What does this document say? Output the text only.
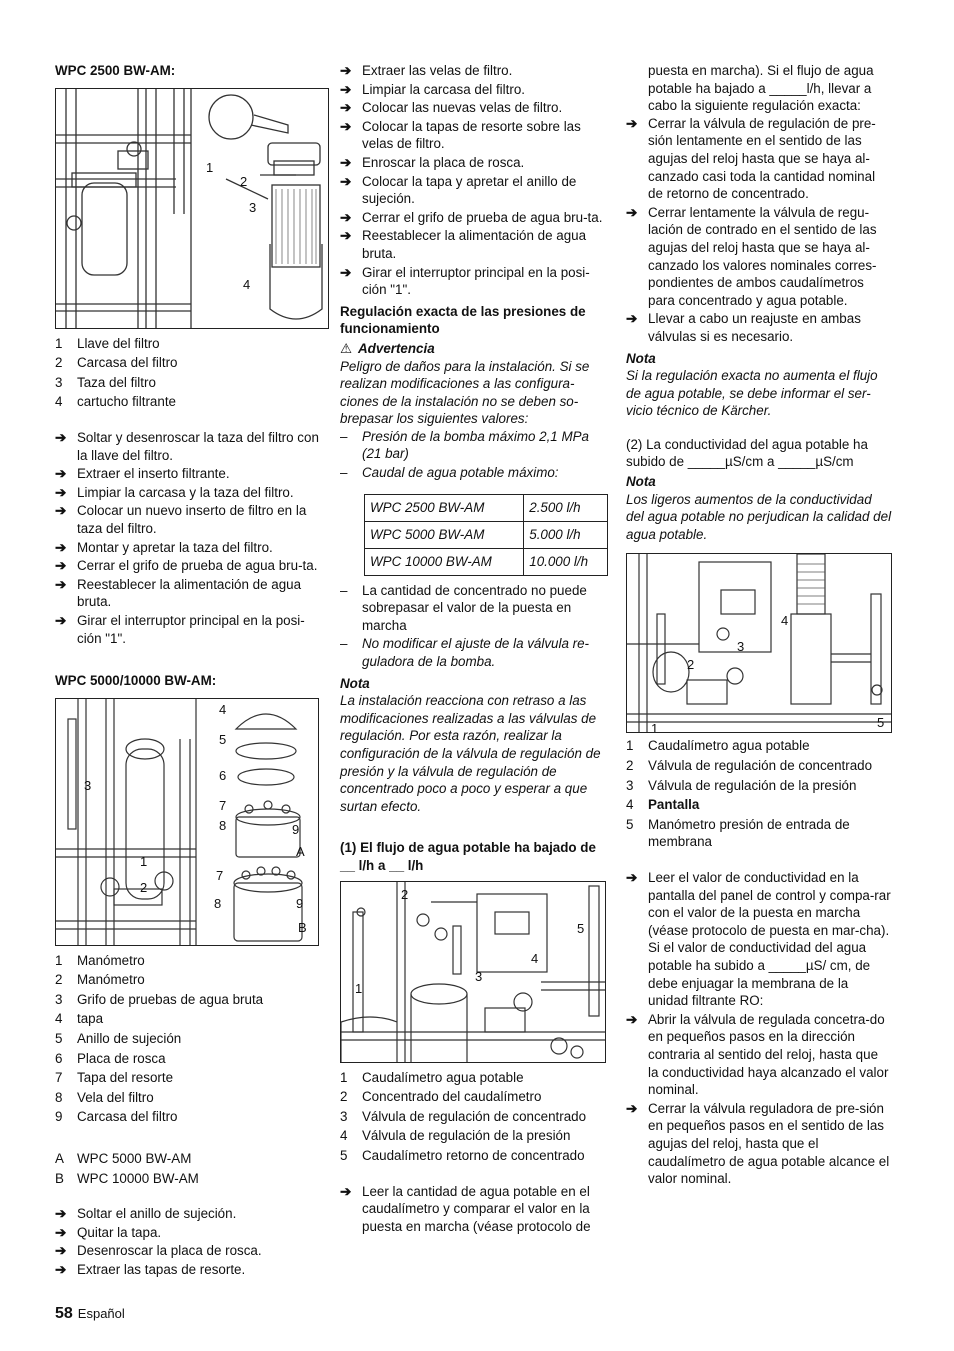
WPC 2500 BW-AM:
1
2
3
4
1 Llave del filtro
2 Carcasa del filtro
3 Taza del filtro
4 cartucho filtrante
➔ Soltar y desenroscar la taza del filtro con la llave del filtro.
➔ Extraer el inserto filtrante.
➔ Limpiar la carcasa y la taza del filtro.
➔ Colocar un nuevo inserto de filtro en la taza del filtro.
➔ Montar y apretar la taza del filtro.
➔ Cerrar el grifo de prueba de agua bru-ta.
➔ Reestablecer la alimentación de agua bruta.
➔ Girar el interruptor principal en la posi-ción "1".
WPC 5000/10000 BW-AM:
4
5
6
7
8	9
A
7
8	9
B
3
1
2
1 Manómetro
2 Manómetro
3 Grifo de pruebas de agua bruta
4 tapa
5 Anillo de sujeción
6 Placa de rosca
7 Tapa del resorte
8 Vela del filtro
9 Carcasa del filtro
A WPC 5000 BW-AM
B WPC 10000 BW-AM
➔ Soltar el anillo de sujeción.
➔ Quitar la tapa.
➔ Desenroscar la placa de rosca.
➔ Extraer las tapas de resorte.
➔ Extraer las velas de filtro.
➔ Limpiar la carcasa del filtro.
➔ Colocar las nuevas velas de filtro.
➔ Colocar la tapas de resorte sobre las velas de filtro.
➔ Enroscar la placa de rosca.
➔ Colocar la tapa y apretar el anillo de sujeción.
➔ Cerrar el grifo de prueba de agua bru-ta.
➔ Reestablecer la alimentación de agua bruta.
➔ Girar el interruptor principal en la posi-ción "1".
Regulación exacta de las presiones de funcionamiento
⚠ Advertencia
Peligro de daños para la instalación. Si se realizan modificaciones a las configura-ciones de la instalación no se deben so-brepasar los siguientes valores:
– Presión de la bomba máximo 2,1 MPa (21 bar)
– Caudal de agua potable máximo:
WPC 2500 BW-AM	2.500 l/h
WPC 5000 BW-AM	5.000 l/h
WPC 10000 BW-AM	10.000 l/h
– La cantidad de concentrado no puede sobrepasar el valor de la puesta en marcha
– No modificar el ajuste de la válvula re-guladora de la bomba.
Nota
La instalación reacciona con retraso a las modificaciones realizadas a las válvulas de regulación. Por esta razón, realizar la configuración de la válvula de regulación de presión y la válvula de regulación de concentrado poco a poco y esperar a que surtan efecto.
(1) El flujo de agua potable ha bajado de __ l/h a __ l/h
1
2
3
4
5
1 Caudalímetro agua potable
2 Concentrado del caudalímetro
3 Válvula de regulación de concentrado
4 Válvula de regulación de la presión
5 Caudalímetro retorno de concentrado
➔ Leer la cantidad de agua potable en el caudalímetro y comparar el valor en la puesta en marcha (véase protocolo de
puesta en marcha). Si el flujo de agua potable ha bajado a _____l/h, llevar a cabo la siguiente regulación exacta:
➔ Cerrar la válvula de regulación de pre-sión lentamente en el sentido de las agujas del reloj hasta que se haya al-canzado casi toda la cantidad nominal de retorno de concentrado.
➔ Cerrar lentamente la válvula de regu-lación de contrado en el sentido de las agujas del reloj hasta que se haya al-canzado los valores nominales corres-pondientes de ambos caudalímetros para concentrado y agua potable.
➔ Llevar a cabo un reajuste en ambas válvulas si es necesario.
Nota
Si la regulación exacta no aumenta el flujo de agua potable, se debe informar el ser-vicio técnico de Kärcher.
(2) La conductividad del agua potable ha subido de _____µS/cm a _____µS/cm
Nota
Los ligeros aumentos de la conductividad del agua potable no perjudican la calidad del agua potable.
4
3
2
1	5
1 Caudalímetro agua potable
2 Válvula de regulación de concentrado
3 Válvula de regulación de la presión
4 Pantalla
5 Manómetro presión de entrada de membrana
➔ Leer el valor de conductividad en la pantalla del panel de control y compa-rar con el valor de la puesta en marcha (véase protocolo de puesta en mar-cha). Si el valor de conductividad del agua potable ha subido a _____µS/ cm, de debe enjuagar la membrana de la unidad filtrante RO:
➔ Abrir la válvula de regulada concetra-do en pequeños pasos en la dirección contraria al sentido del reloj, hasta que la conductividad haya alcanzado el valor nominal.
➔ Cerrar la válvula reguladora de pre-sión en pequeños pasos en el sentido de las agujas del reloj, hasta que el caudalímetro de agua potable alcance el valor nominal.
58 Español
